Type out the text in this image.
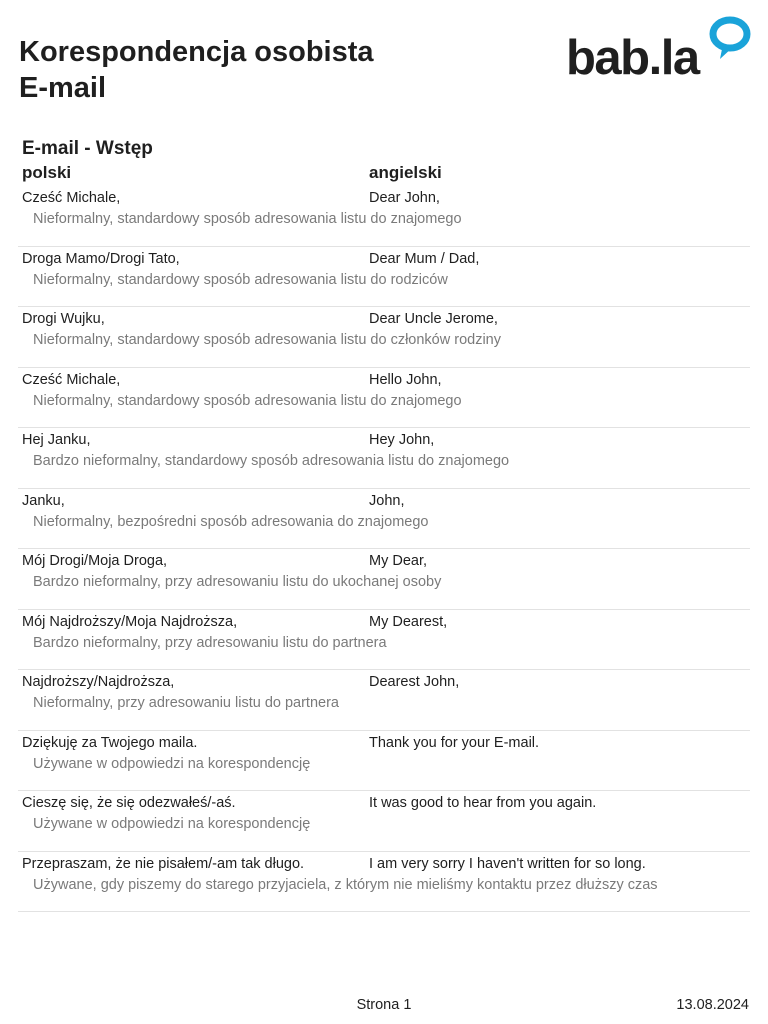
Korespondencja osobista
E-mail
bab.la
E-mail - Wstęp
polski	angielski
Cześć Michale,	Dear John,
Nieformalny, standardowy sposób adresowania listu do znajomego
Droga Mamo/Drogi Tato,	Dear Mum / Dad,
Nieformalny, standardowy sposób adresowania listu do rodziców
Drogi Wujku,	Dear Uncle Jerome,
Nieformalny, standardowy sposób adresowania listu do członków rodziny
Cześć Michale,	Hello John,
Nieformalny, standardowy sposób adresowania listu do znajomego
Hej Janku,	Hey John,
Bardzo nieformalny, standardowy sposób adresowania listu do znajomego
Janku,	John,
Nieformalny, bezpośredni sposób adresowania do znajomego
Mój Drogi/Moja Droga,	My Dear,
Bardzo nieformalny, przy adresowaniu listu do ukochanej osoby
Mój Najdroższy/Moja Najdroższa,	My Dearest,
Bardzo nieformalny, przy adresowaniu listu do partnera
Najdroższy/Najdroższa,	Dearest John,
Nieformalny, przy adresowaniu listu do partnera
Dziękuję za Twojego maila.	Thank you for your E-mail.
Używane w odpowiedzi na korespondencję
Cieszę się, że się odezwałeś/-aś.	It was good to hear from you again.
Używane w odpowiedzi na korespondencję
Przepraszam, że nie pisałem/-am tak długo.	I am very sorry I haven't written for so long.
Używane, gdy piszemy do starego przyjaciela, z którym nie mieliśmy kontaktu przez dłuższy czas
Strona 1	13.08.2024
